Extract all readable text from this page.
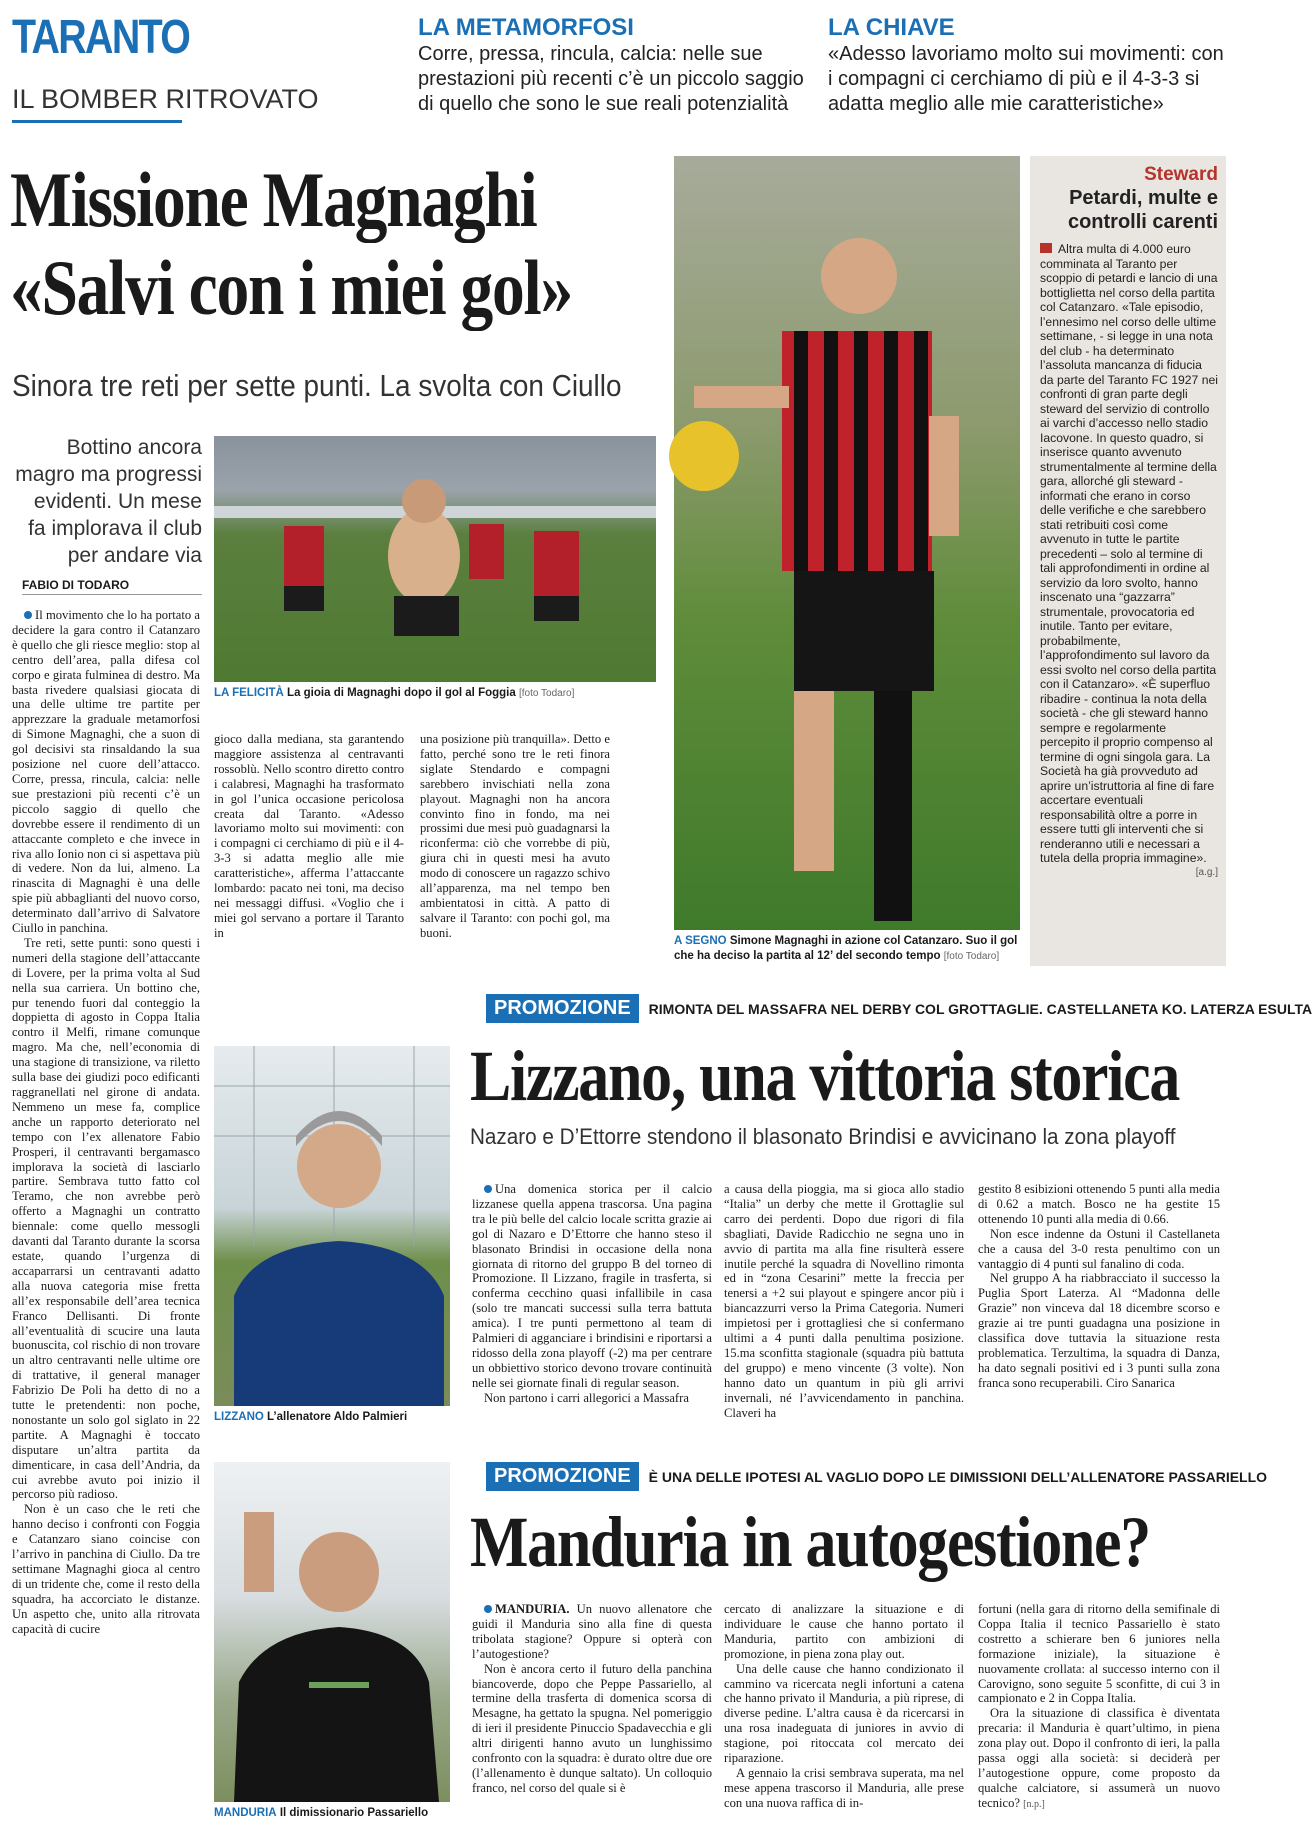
TARANTO
IL BOMBER RITROVATO
LA METAMORFOSI
Corre, pressa, rincula, calcia: nelle sue prestazioni più recenti c’è un piccolo saggio di quello che sono le sue reali potenzialità
LA CHIAVE
«Adesso lavoriamo molto sui movimenti: con i compagni ci cerchiamo di più e il 4-3-3 si adatta meglio alle mie caratteristiche»
Missione Magnaghi
«Salvi con i miei gol»
Sinora tre reti per sette punti. La svolta con Ciullo
Bottino ancora magro ma progressi evidenti. Un mese fa implorava il club per andare via
FABIO DI TODARO
LA FELICITÀ La gioia di Magnaghi dopo il gol al Foggia [foto Todaro]

Il movimento che lo ha portato a decidere la gara contro il Catanzaro è quello che gli riesce meglio: stop al centro dell’area, palla difesa col corpo e girata fulminea di destro. Ma basta rivedere qualsiasi giocata di una delle ultime tre partite per apprezzare la graduale metamorfosi di Simone Magnaghi, che a suon di gol decisivi sta rinsaldando la sua posizione nel cuore dell’attacco. Corre, pressa, rincula, calcia: nelle sue prestazioni più recenti c’è un piccolo saggio di quello che dovrebbe essere il rendimento di un attaccante completo e che invece in riva allo Ionio non ci si aspettava più di vedere. Non da lui, almeno. La rinascita di Magnaghi è una delle spie più abbaglianti del nuovo corso, determinato dall’arrivo di Salvatore Ciullo in panchina.

Tre reti, sette punti: sono questi i numeri della stagione dell’attaccante di Lovere, per la prima volta al Sud nella sua carriera. Un bottino che, pur tenendo fuori dal conteggio la doppietta di agosto in Coppa Italia contro il Melfi, rimane comunque magro. Ma che, nell’economia di una stagione di transizione, va riletto sulla base dei giudizi poco edificanti raggranellati nel girone di andata. Nemmeno un mese fa, complice anche un rapporto deteriorato nel tempo con l’ex allenatore Fabio Prosperi, il centravanti bergamasco implorava la società di lasciarlo partire. Sembrava tutto fatto col Teramo, che non avrebbe però offerto a Magnaghi un contratto biennale: come quello messogli davanti dal Taranto durante la scorsa estate, quando l’urgenza di accaparrarsi un centravanti adatto alla nuova categoria mise fretta all’ex responsabile dell’area tecnica Franco Dellisanti. Di fronte all’eventualità di scucire una lauta buonuscita, col rischio di non trovare un altro centravanti nelle ultime ore di trattative, il general manager Fabrizio De Poli ha detto di no a tutte le pretendenti: non poche, nonostante un solo gol siglato in 22 partite. A Magnaghi è toccato disputare un’altra partita da dimenticare, in casa dell’Andria, da cui avrebbe avuto poi inizio il percorso più radioso.

Non è un caso che le reti che hanno deciso i confronti con Foggia e Catanzaro siano coincise con l’arrivo in panchina di Ciullo. Da tre settimane Magnaghi gioca al centro di un tridente che, come il resto della squadra, ha accorciato le distanze. Un aspetto che, unito alla ritrovata capacità di cucire

gioco dalla mediana, sta garantendo maggiore assistenza al centravanti rossoblù. Nello scontro diretto contro i calabresi, Magnaghi ha trasformato in gol l’unica occasione pericolosa creata dal Taranto. «Adesso lavoriamo molto sui movimenti: con i compagni ci cerchiamo di più e il 4-3-3 si adatta meglio alle mie caratteristiche», afferma l’attaccante lombardo: pacato nei toni, ma deciso nei messaggi diffusi. «Voglio che i miei gol servano a portare il Taranto in

una posizione più tranquilla». Detto e fatto, perché sono tre le reti finora siglate Stendardo e compagni sarebbero invischiati nella zona playout. Magnaghi non ha ancora convinto fino in fondo, ma nei prossimi due mesi può guadagnarsi la riconferma: ciò che vorrebbe di più, giura chi in questi mesi ha avuto modo di conoscere un ragazzo schivo all’apparenza, ma nel tempo ben ambientatosi in città. A patto di salvare il Taranto: con pochi gol, ma buoni.

A SEGNO Simone Magnaghi in azione col Catanzaro. Suo il gol che ha deciso la partita al 12’ del secondo tempo [foto Todaro]
Steward
Petardi, multe e controlli carenti
Altra multa di 4.000 euro comminata al Taranto per scoppio di petardi e lancio di una bottiglietta nel corso della partita col Catanzaro. «Tale episodio, l’ennesimo nel corso delle ultime settimane, - si legge in una nota del club - ha determinato l’assoluta mancanza di fiducia da parte del Taranto FC 1927 nei confronti di gran parte degli steward del servizio di controllo ai varchi d’accesso nello stadio Iacovone. In questo quadro, si inserisce quanto avvenuto strumentalmente al termine della gara, allorché gli steward - informati che erano in corso delle verifiche e che sarebbero stati retribuiti così come avvenuto in tutte le partite precedenti – solo al termine di tali approfondimenti in ordine al servizio da loro svolto, hanno inscenato una “gazzarra” strumentale, provocatoria ed inutile. Tanto per evitare, probabilmente, l’approfondimento sul lavoro da essi svolto nel corso della partita con il Catanzaro». «È superfluo ribadire - continua la nota della società - che gli steward hanno sempre e regolarmente percepito il proprio compenso al termine di ogni singola gara. La Società ha già provveduto ad aprire un’istruttoria al fine di fare accertare eventuali responsabilità oltre a porre in essere tutti gli interventi che si renderanno utili e necessari a tutela della propria immagine».
[a.g.]
PROMOZIONE RIMONTA DEL MASSAFRA NEL DERBY COL GROTTAGLIE. CASTELLANETA KO. LATERZA ESULTA
Lizzano, una vittoria storica
Nazaro e D’Ettorre stendono il blasonato Brindisi e avvicinano la zona playoff
LIZZANO L’allenatore Aldo Palmieri

Una domenica storica per il calcio lizzanese quella appena trascorsa. Una pagina tra le più belle del calcio locale scritta grazie ai gol di Nazaro e D’Ettorre che hanno steso il blasonato Brindisi in occasione della nona giornata di ritorno del gruppo B del torneo di Promozione. Il Lizzano, fragile in trasferta, si conferma cecchino quasi infallibile in casa (solo tre mancati successi sulla terra battuta amica). I tre punti permettono al team di Palmieri di agganciare i brindisini e riportarsi a ridosso della zona playoff (-2) ma per centrare un obbiettivo storico devono trovare continuità nelle sei giornate finali di regular season.

Non partono i carri allegorici a Massafra

a causa della pioggia, ma si gioca allo stadio “Italia” un derby che mette il Grottaglie sul carro dei perdenti. Dopo due rigori di fila sbagliati, Davide Radicchio ne segna uno in avvio di partita ma alla fine risulterà essere inutile perché la squadra di Novellino rimonta ed in “zona Cesarini” mette la freccia per tenersi a +2 sui playout e spingere ancor più i biancazzurri verso la Prima Categoria. Numeri impietosi per i grottagliesi che si confermano ultimi a 4 punti dalla penultima posizione. 15.ma sconfitta stagionale (squadra più battuta del gruppo) e meno vincente (3 volte). Non hanno dato un quantum in più gli arrivi invernali, né l’avvicendamento in panchina. Claveri ha

gestito 8 esibizioni ottenendo 5 punti alla media di 0.62 a match. Bosco ne ha gestite 15 ottenendo 10 punti alla media di 0.66.

Non esce indenne da Ostuni il Castellaneta che a causa del 3-0 resta penultimo con un vantaggio di 4 punti sul fanalino di coda.

Nel gruppo A ha riabbracciato il successo la Puglia Sport Laterza. Al “Madonna delle Grazie” non vinceva dal 18 dicembre scorso e grazie ai tre punti guadagna una posizione in classifica dove tuttavia la situazione resta problematica. Terzultima, la squadra di Danza, ha dato segnali positivi ed i 3 punti sulla zona franca sono recuperabili. Ciro Sanarica

PROMOZIONE È UNA DELLE IPOTESI AL VAGLIO DOPO LE DIMISSIONI DELL’ALLENATORE PASSARIELLO
Manduria in autogestione?
MANDURIA Il dimissionario Passariello

MANDURIA. Un nuovo allenatore che guidi il Manduria sino alla fine di questa tribolata stagione? Oppure si opterà con l’autogestione?

Non è ancora certo il futuro della panchina biancoverde, dopo che Peppe Passariello, al termine della trasferta di domenica scorsa di Mesagne, ha gettato la spugna. Nel pomeriggio di ieri il presidente Pinuccio Spadavecchia e gli altri dirigenti hanno avuto un lunghissimo confronto con la squadra: è durato oltre due ore (l’allenamento è dunque saltato). Un colloquio franco, nel corso del quale si è

cercato di analizzare la situazione e di individuare le cause che hanno portato il Manduria, partito con ambizioni di promozione, in piena zona play out.

Una delle cause che hanno condizionato il cammino va ricercata negli infortuni a catena che hanno privato il Manduria, a più riprese, di diverse pedine. L’altra causa è da ricercarsi in una rosa inadeguata di juniores in avvio di stagione, poi ritoccata col mercato dei riparazione.

A gennaio la crisi sembrava superata, ma nel mese appena trascorso il Manduria, alle prese con una nuova raffica di in-

fortuni (nella gara di ritorno della semifinale di Coppa Italia il tecnico Passariello è stato costretto a schierare ben 6 juniores nella formazione iniziale), la situazione è nuovamente crollata: al successo interno con il Carovigno, sono seguite 5 sconfitte, di cui 3 in campionato e 2 in Coppa Italia.

Ora la situazione di classifica è diventata precaria: il Manduria è quart’ultimo, in piena zona play out. Dopo il confronto di ieri, la palla passa oggi alla società: si deciderà per l’autogestione oppure, come proposto da qualche calciatore, si assumerà un nuovo tecnico? [n.p.]
